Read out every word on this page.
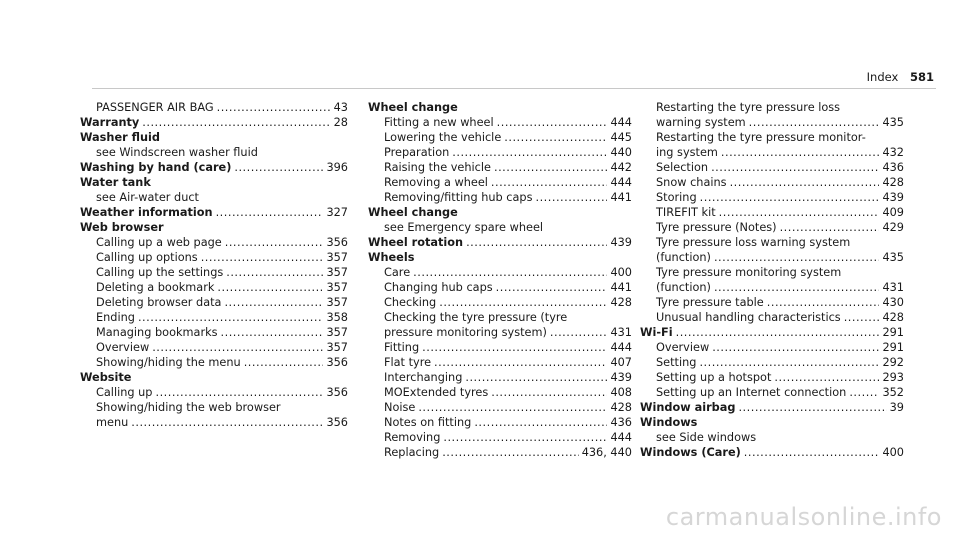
Index 581
PASSENGER AIR BAG .....	43
Warranty .....	28
Washer fluid
see Windscreen washer fluid
Washing by hand (care) .....	396
Water tank
see Air-water duct
Weather information .....	327
Web browser
Calling up a web page .....	356
Calling up options .....	357
Calling up the settings .....	357
Deleting a bookmark .....	357
Deleting browser data .....	357
Ending .....	358
Managing bookmarks .....	357
Overview .....	357
Showing/hiding the menu .....	356
Website
Calling up .....	356
Showing/hiding the web browser
menu .....	356
Wheel change
Fitting a new wheel .....	444
Lowering the vehicle .....	445
Preparation .....	440
Raising the vehicle .....	442
Removing a wheel .....	444
Removing/fitting hub caps .....	441
Wheel change
see Emergency spare wheel
Wheel rotation .....	439
Wheels
Care .....	400
Changing hub caps .....	441
Checking .....	428
Checking the tyre pressure (tyre
pressure monitoring system) .....	431
Fitting .....	444
Flat tyre .....	407
Interchanging .....	439
MOExtended tyres .....	408
Noise .....	428
Notes on fitting .....	436
Removing .....	444
Replacing .....	436, 440
Restarting the tyre pressure loss
warning system .....	435
Restarting the tyre pressure monitor-
ing system .....	432
Selection .....	436
Snow chains .....	428
Storing .....	439
TIREFIT kit .....	409
Tyre pressure (Notes) .....	429
Tyre pressure loss warning system
(function) .....	435
Tyre pressure monitoring system
(function) .....	431
Tyre pressure table .....	430
Unusual handling characteristics .....	428
Wi-Fi .....	291
Overview .....	291
Setting .....	292
Setting up a hotspot .....	293
Setting up an Internet connection .....	352
Window airbag .....	39
Windows
see Side windows
Windows (Care) .....	400
carmanualsonline.info
